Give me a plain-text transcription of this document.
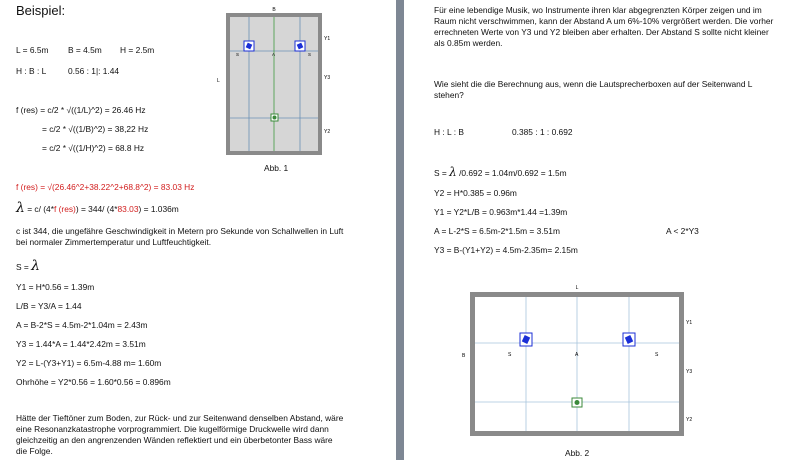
Beispiel:
L = 6.5m B = 4.5m H = 2.5m
H : B : L	0.56 : 1|: 1.44
f (res) = c/2 * √((1/L)^2) = 26.46 Hz
= c/2 * √((1/B)^2) = 38,22 Hz
= c/2 * √((1/H)^2) = 68.8 Hz
f (res) = √(26.46^2+38.22^2+68.8^2) = 83.03 Hz
λ = c/ (4*f (res)) = 344/ (4*83.03) = 1.036m
c ist 344, die ungefähre Geschwindigkeit in Metern pro Sekunde von Schallwellen in Luft bei normaler Zimmertemperatur und Luftfeuchtigkeit.
S = λ
Y1 = H*0.56 = 1.39m
L/B = Y3/A = 1.44
A = B-2*S = 4.5m-2*1.04m = 2.43m
Y3 = 1.44*A = 1.44*2.42m = 3.51m
Y2 = L-(Y3+Y1) = 6.5m-4.88 m= 1.60m
Ohrhöhe = Y2*0.56 = 1.60*0.56 = 0.896m
Hätte der Tieftöner zum Boden, zur Rück- und zur Seitenwand denselben Abstand, wäre eine Resonanzkatastrophe vorprogrammiert. Die kugelförmige Druckwelle wird dann gleichzeitig an den angrenzenden Wänden reflektiert und ein überbetonter Bass wäre die Folge.
B
L
Y1
Y3
Y2
S	A	S
Abb. 1
Für eine lebendige Musik, wo Instrumente ihren klar abgegrenzten Körper zeigen und im Raum nicht verschwimmen, kann der Abstand A um 6%-10% vergrößert werden. Die vorher errechneten Werte von Y3 und Y2 bleiben aber erhalten. Der Abstand S sollte nicht kleiner als 0.85m werden.
Wie sieht die die Berechnung aus, wenn die Lautsprecherboxen auf der Seitenwand L stehen?
H : L : B	0.385 : 1 : 0.692
S = λ /0.692 = 1.04m/0.692 = 1.5m
Y2 = H*0.385 = 0.96m
Y1 = Y2*L/B = 0.963m*1.44 =1.39m
A = L-2*S = 6.5m-2*1.5m = 3.51m	A < 2*Y3
Y3 = B-(Y1+Y2) = 4.5m-2.35m= 2.15m
L
B
Y1
Y3
Y2
S	A	S
Abb. 2
